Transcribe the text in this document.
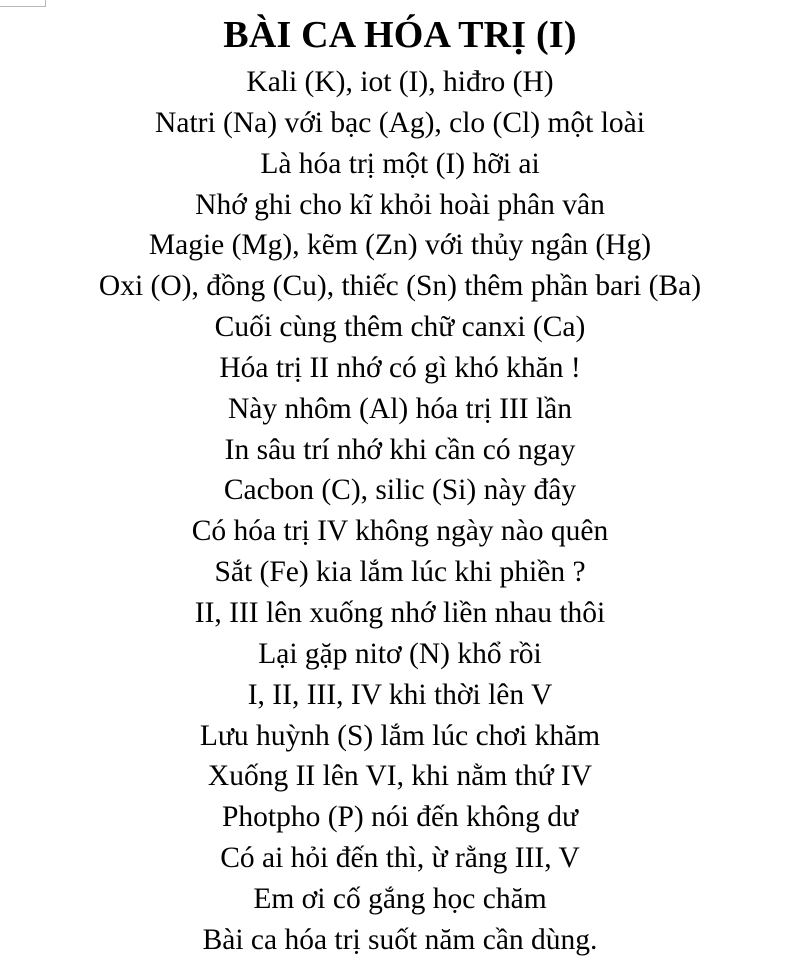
BÀI CA HÓA TRỊ (I)
Kali (K), iot (I), hiđro (H)
Natri (Na) với bạc (Ag), clo (Cl) một loài
Là hóa trị một (I) hỡi ai
Nhớ ghi cho kĩ khỏi hoài phân vân
Magie (Mg), kẽm (Zn) với thủy ngân (Hg)
Oxi (O), đồng (Cu), thiếc (Sn) thêm phần bari (Ba)
Cuối cùng thêm chữ canxi (Ca)
Hóa trị II nhớ có gì khó khăn !
Này nhôm (Al) hóa trị III lần
In sâu trí nhớ khi cần có ngay
Cacbon (C), silic (Si) này đây
Có hóa trị IV không ngày nào quên
Sắt (Fe) kia lắm lúc khi phiền ?
II, III lên xuống nhớ liền nhau thôi
Lại gặp nitơ (N) khổ rồi
I, II, III, IV khi thời lên V
Lưu huỳnh (S) lắm lúc chơi khăm
Xuống II lên VI, khi nằm thứ IV
Photpho (P) nói đến không dư
Có ai hỏi đến thì, ừ rằng III, V
Em ơi cố gắng học chăm
Bài ca hóa trị suốt năm cần dùng.
